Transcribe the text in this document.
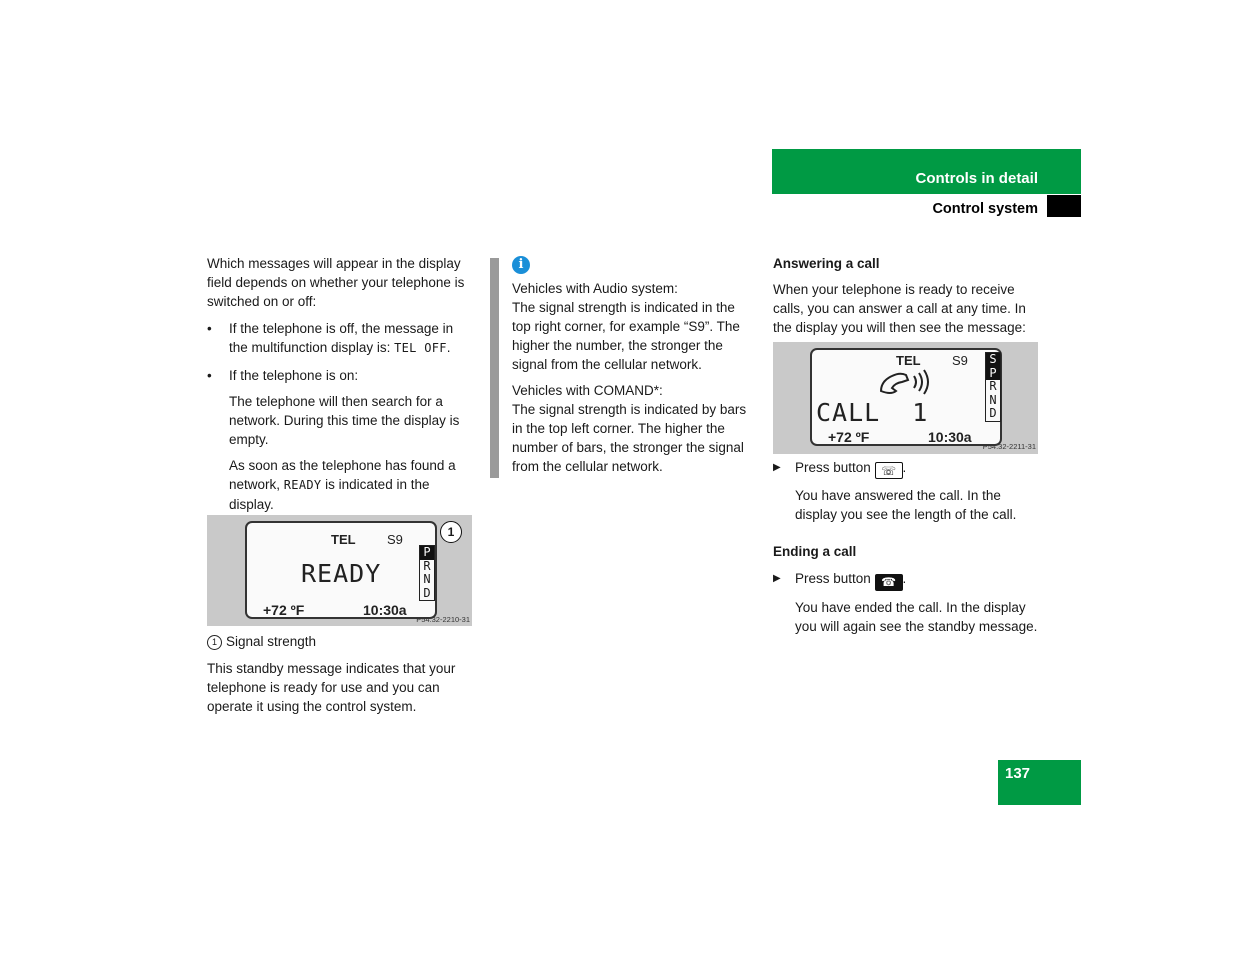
Controls in detail
Control system

Which messages will appear in the display field depends on whether your telephone is switched on or off:

• If the telephone is off, the message in the multifunction display is: TEL OFF.
• If the telephone is on:

The telephone will then search for a network. During this time the display is empty.

As soon as the telephone has found a network, READY is indicated in the display.

TEL S9
READY
+72 ºF	10:30a
P
R
N
D
1
P54.32-2210-31
1 Signal strength

This standby message indicates that your telephone is ready for use and you can operate it using the control system.

i

Vehicles with Audio system:

The signal strength is indicated in the top right corner, for example “S9”. The higher the number, the stronger the signal from the cellular network.

Vehicles with COMAND*:

The signal strength is indicated by bars in the top left corner. The higher the number of bars, the stronger the signal from the cellular network.

Answering a call

When your telephone is ready to receive calls, you can answer a call at any time. In the display you will then see the message:

TEL S9
CALL  1
+72 ºF	10:30a
S
P
R
N
D
P54.32-2211-31
▶ Press button ☏ .

You have answered the call. In the display you see the length of the call.

Ending a call

▶ Press button ☎ .

You have ended the call. In the display you will again see the standby message.

137
